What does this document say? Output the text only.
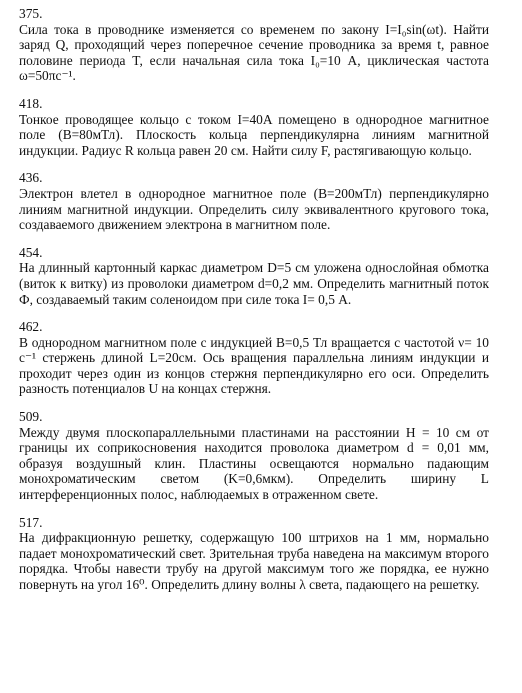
375.
Сила тока в проводнике изменяется со временем по закону I=I₀sin(ωt). Найти заряд Q, проходящий через поперечное сечение проводника за время t, равное половине периода T, если начальная сила тока I₀=10 А, циклическая частота ω=50πс⁻¹.
418.
Тонкое проводящее кольцо с током I=40A помещено в однородное магнитное поле (B=80мТл). Плоскость кольца перпендикулярна линиям магнитной индукции. Радиус R кольца равен 20 см. Найти силу F, растягивающую кольцо.
436.
Электрон влетел в однородное магнитное поле (B=200мТл) перпендикулярно линиям магнитной индукции. Определить силу эквивалентного кругового тока, создаваемого движением электрона в магнитном поле.
454.
На длинный картонный каркас диаметром D=5 см уложена однослойная обмотка (виток к витку) из проволоки диаметром d=0,2 мм. Определить магнитный поток Ф, создаваемый таким соленоидом при силе тока I= 0,5 А.
462.
В однородном магнитном поле с индукцией B=0,5 Тл вращается с частотой ν= 10 с⁻¹ стержень длиной L=20см. Ось вращения параллельна линиям индукции и проходит через один из концов стержня перпендикулярно его оси. Определить разность потенциалов U на концах стержня.
509.
Между двумя плоскопараллельными пластинами на расстоянии H = 10 см от границы их соприкосновения находится проволока диаметром d = 0,01 мм, образуя воздушный клин. Пластины освещаются нормально падающим монохроматическим светом (K=0,6мкм). Определить ширину L интерференционных полос, наблюдаемых в отраженном свете.
517.
На дифракционную решетку, содержащую 100 штрихов на 1 мм, нормально падает монохроматический свет. Зрительная труба наведена на максимум второго порядка. Чтобы навести трубу на другой максимум того же порядка, ее нужно повернуть на угол 16⁰. Определить длину волны λ света, падающего на решетку.
